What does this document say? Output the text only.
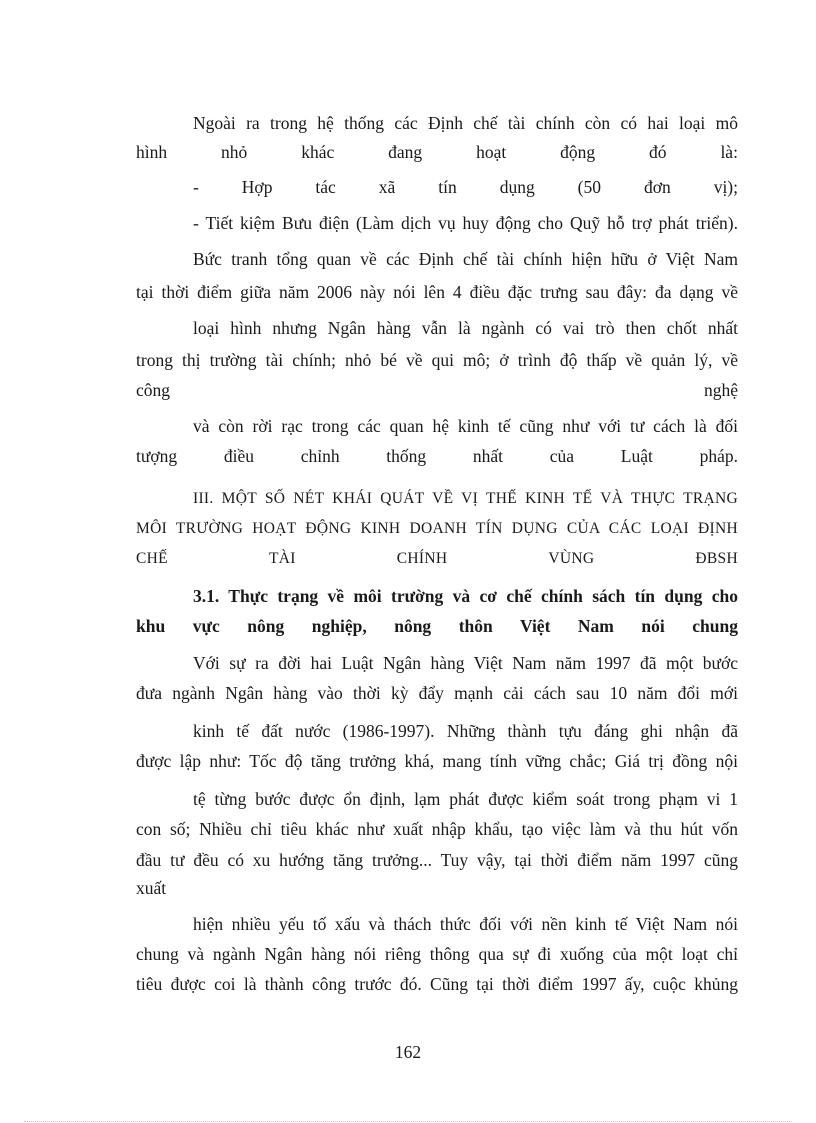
Ngoài ra trong hệ thống các Định chế tài chính còn có hai loại mô
hình	nhỏ	khác	đang	hoạt	động	đó	là:
- Hợp tác xã tín dụng (50 đơn vị);
- Tiết kiệm Bưu điện (Làm dịch vụ huy động cho Quỹ hỗ trợ phát triển).
Bức tranh tổng quan về các Định chế tài chính hiện hữu ở Việt Nam
tại thời điểm giữa năm 2006 này nói lên 4 điều đặc trưng sau đây: đa dạng về
loại hình nhưng Ngân hàng vẫn là ngành có vai trò then chốt nhất
trong thị trường tài chính; nhỏ bé về qui mô; ở trình độ thấp về quản lý, về
công	nghệ
và còn rời rạc trong các quan hệ kinh tế cũng như với tư cách là đối
tượng	điều	chỉnh	thống	nhất	của	Luật	pháp.
III. MỘT SỐ NÉT KHÁI QUÁT VỀ VỊ THẾ KINH TẾ VÀ THỰC TRẠNG
MÔI TRƯỜNG HOẠT ĐỘNG KINH DOANH TÍN DỤNG CỦA CÁC LOẠI ĐỊNH
CHẾ	TÀI	CHÍNH	VÙNG	ĐBSH
3.1. Thực trạng về môi trường và cơ chế chính sách tín dụng cho
khu vực nông nghiệp, nông thôn Việt Nam nói chung
Với sự ra đời hai Luật Ngân hàng Việt Nam năm 1997 đã một bước
đưa ngành Ngân hàng vào thời kỳ đẩy mạnh cải cách sau 10 năm đổi mới
kinh tế đất nước (1986-1997). Những thành tựu đáng ghi nhận đã
được lập như: Tốc độ tăng trưởng khá, mang tính vững chắc; Giá trị đồng nội
tệ từng bước được ổn định, lạm phát được kiểm soát trong phạm vi 1
con số; Nhiều chỉ tiêu khác như xuất nhập khẩu, tạo việc làm và thu hút vốn
đầu tư đều có xu hướng tăng trưởng... Tuy vậy, tại thời điểm năm 1997 cũng
xuất
hiện nhiều yếu tố xấu và thách thức đối với nền kinh tế Việt Nam nói
chung và ngành Ngân hàng nói riêng thông qua sự đi xuống của một loạt chỉ
tiêu được coi là thành công trước đó. Cũng tại thời điểm 1997 ấy, cuộc khủng
162
